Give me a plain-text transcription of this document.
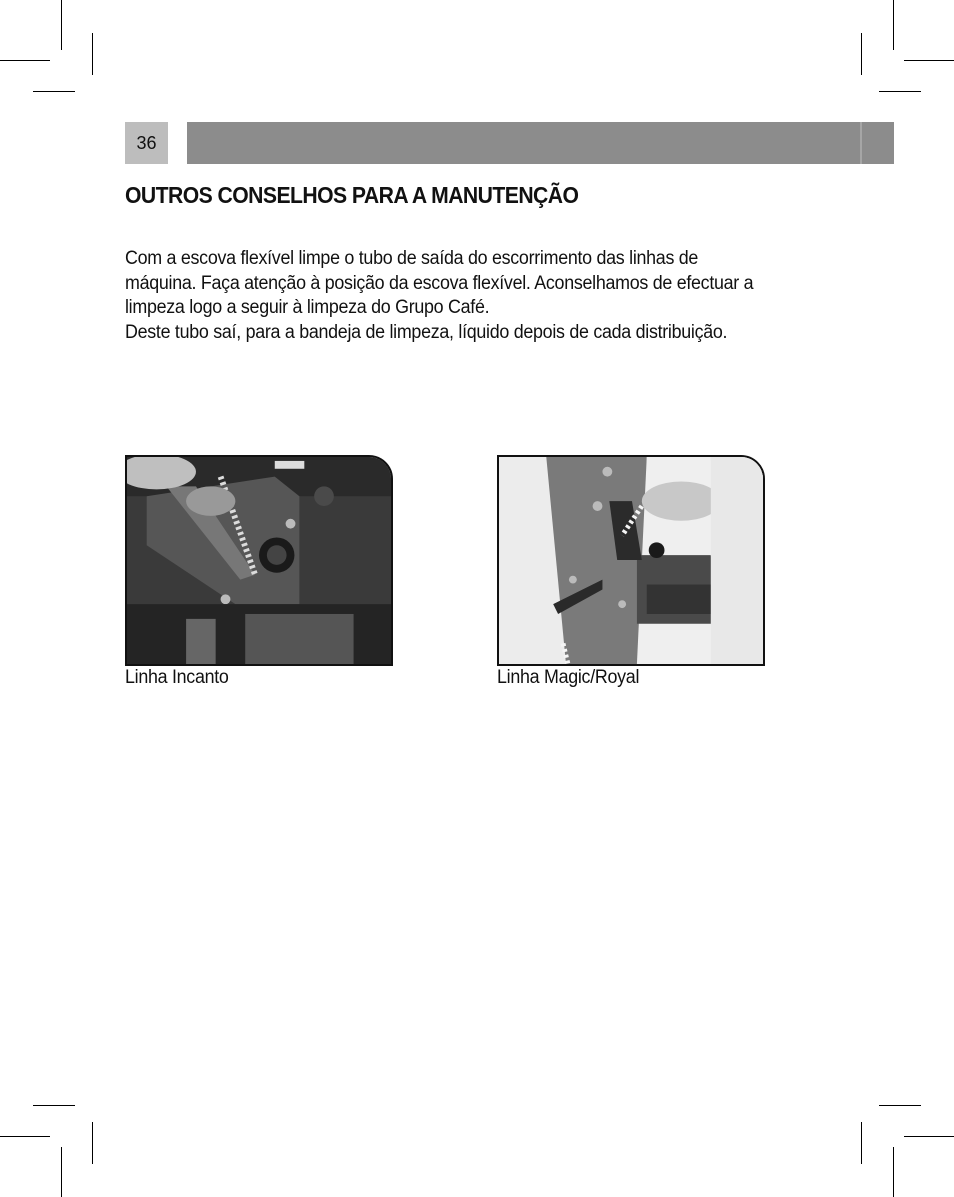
36
OUTROS CONSELHOS PARA A MANUTENÇÃO

Com a escova flexível limpe o tubo de saída do escorrimento das linhas de

máquina. Faça atenção à posição da escova flexível. Aconselhamos de efectuar a

limpeza logo a seguir à limpeza do Grupo Café.

Deste tubo saí, para a bandeja de limpeza, líquido depois de cada distribuição.

Linha Incanto	Linha Magic/Royal
